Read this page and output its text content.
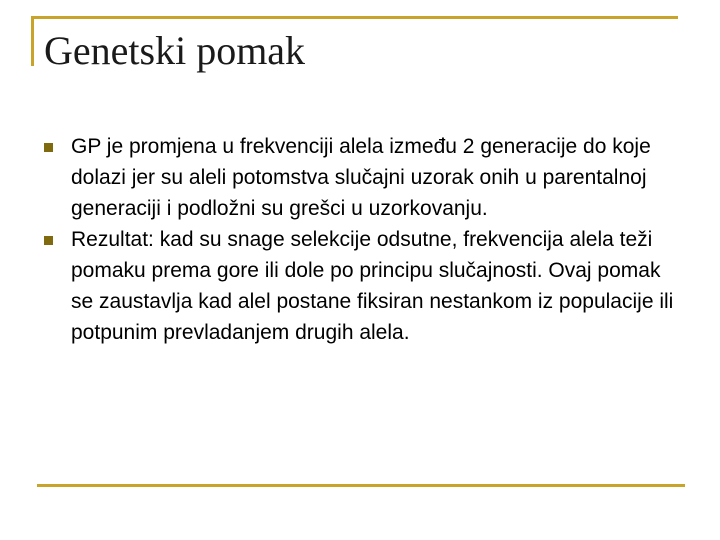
Genetski pomak
GP je promjena u frekvenciji alela između 2 generacije do koje dolazi jer su aleli potomstva slučajni uzorak onih u parentalnoj generaciji i podložni su grešci u uzorkovanju.
Rezultat: kad su snage selekcije odsutne, frekvencija alela teži pomaku prema gore ili dole po principu slučajnosti. Ovaj pomak se zaustavlja kad alel postane fiksiran nestankom iz populacije ili potpunim prevladanjem drugih alela.
